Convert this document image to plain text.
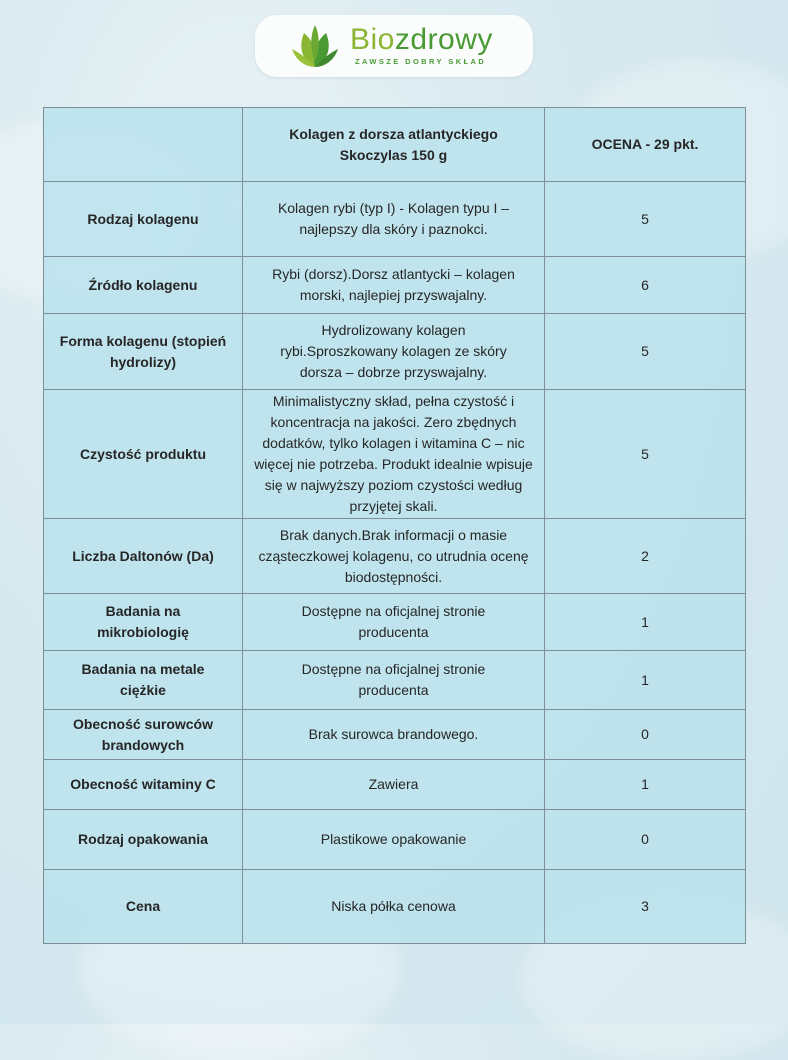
Biozdrowy
ZAWSZE DOBRY SKŁAD
	Kolagen z dorsza atlantyckiego Skoczylas 150 g	OCENA - 29 pkt.
Rodzaj kolagenu	Kolagen rybi (typ I) - Kolagen typu I – najlepszy dla skóry i paznokci.	5
Źródło kolagenu	Rybi (dorsz).Dorsz atlantycki – kolagen morski, najlepiej przyswajalny.	6
Forma kolagenu (stopień hydrolizy)	Hydrolizowany kolagen rybi.Sproszkowany kolagen ze skóry dorsza – dobrze przyswajalny.	5
Czystość produktu	Minimalistyczny skład, pełna czystość i koncentracja na jakości. Zero zbędnych dodatków, tylko kolagen i witamina C – nic więcej nie potrzeba. Produkt idealnie wpisuje się w najwyższy poziom czystości według przyjętej skali.	5
Liczba Daltonów (Da)	Brak danych.Brak informacji o masie cząsteczkowej kolagenu, co utrudnia ocenę biodostępności.	2
Badania na mikrobiologię	Dostępne na oficjalnej stronie producenta	1
Badania na metale ciężkie	Dostępne na oficjalnej stronie producenta	1
Obecność surowców brandowych	Brak surowca brandowego.	0
Obecność witaminy C	Zawiera	1
Rodzaj opakowania	Plastikowe opakowanie	0
Cena	Niska półka cenowa	3
